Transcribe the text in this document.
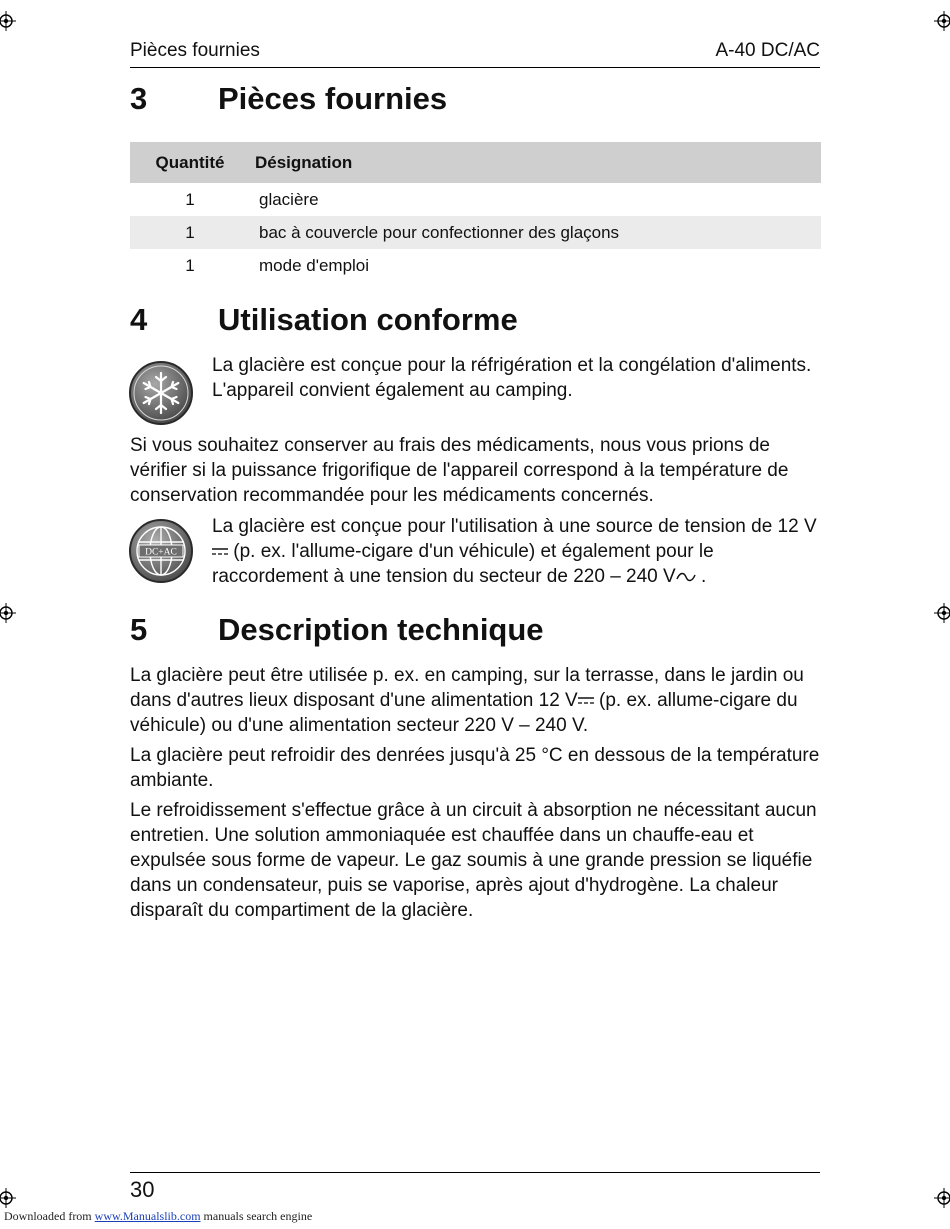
Pièces fournies	A-40 DC/AC
3 Pièces fournies
Quantité	Désignation
1	glacière
1	bac à couvercle pour confectionner des glaçons
1	mode d'emploi
4 Utilisation conforme

La glacière est conçue pour la réfrigération et la congélation d'aliments. L'appareil convient également au camping.

Si vous souhaitez conserver au frais des médicaments, nous vous prions de vérifier si la puissance frigorifique de l'appareil correspond à la température de conservation recommandée pour les médicaments concernés.

DC+AC

La glacière est conçue pour l'utilisation à une source de tension de 12 V (p. ex. l'allume-cigare d'un véhicule) et également pour le raccordement à une tension du secteur de 220 – 240 V .

5 Description technique

La glacière peut être utilisée p. ex. en camping, sur la terrasse, dans le jardin ou dans d'autres lieux disposant d'une alimentation 12 V (p. ex. allume-cigare du véhicule) ou d'une alimentation secteur 220 V – 240 V.

La glacière peut refroidir des denrées jusqu'à 25 °C en dessous de la température ambiante.

Le refroidissement s'effectue grâce à un circuit à absorption ne nécessitant aucun entretien. Une solution ammoniaquée est chauffée dans un chauffe-eau et expulsée sous forme de vapeur. Le gaz soumis à une grande pression se liquéfie dans un condensateur, puis se vaporise, après ajout d'hydrogène. La chaleur disparaît du compartiment de la glacière.

30
Downloaded from www.Manualslib.com manuals search engine
